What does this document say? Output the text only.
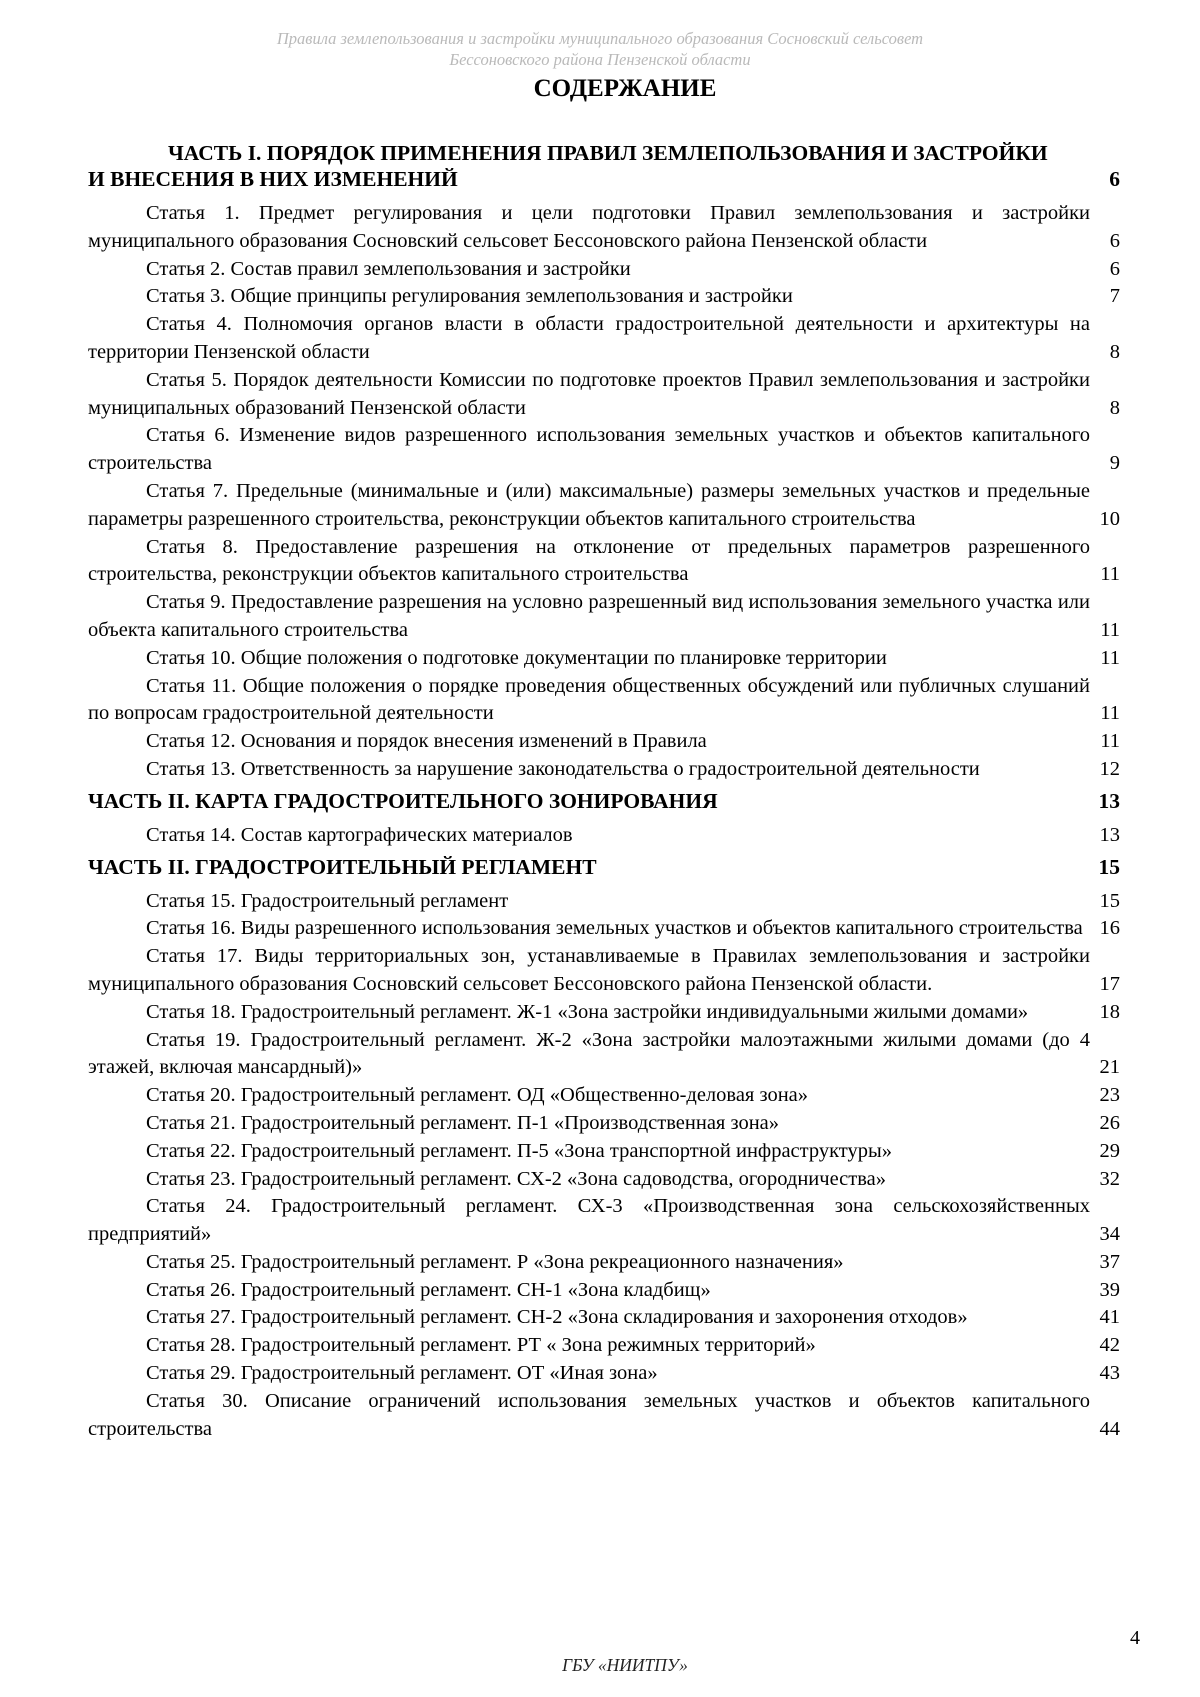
Правила землепользования и застройки муниципального образования Сосновский сельсовет
Бессоновского района Пензенской области
СОДЕРЖАНИЕ
ЧАСТЬ I. ПОРЯДОК ПРИМЕНЕНИЯ ПРАВИЛ ЗЕМЛЕПОЛЬЗОВАНИЯ И ЗАСТРОЙКИ И ВНЕСЕНИЯ В НИХ ИЗМЕНЕНИЙ	6
Статья 1. Предмет регулирования и цели подготовки Правил землепользования и застройки муниципального образования Сосновский сельсовет Бессоновского района Пензенской области	6
Статья 2. Состав правил землепользования и застройки	6
Статья 3. Общие принципы регулирования землепользования и застройки	7
Статья 4. Полномочия органов власти в области градостроительной деятельности и архитектуры на территории Пензенской области	8
Статья 5. Порядок деятельности Комиссии по подготовке проектов Правил землепользования и застройки муниципальных образований Пензенской области	8
Статья 6. Изменение видов разрешенного использования земельных участков и объектов капитального строительства	9
Статья 7. Предельные (минимальные и (или) максимальные) размеры земельных участков и предельные параметры разрешенного строительства, реконструкции объектов капитального строительства	10
Статья 8. Предоставление разрешения на отклонение от предельных параметров разрешенного строительства, реконструкции объектов капитального строительства	11
Статья 9. Предоставление разрешения на условно разрешенный вид использования земельного участка или объекта капитального строительства	11
Статья 10. Общие положения о подготовке документации по планировке территории	11
Статья 11. Общие положения о порядке проведения общественных обсуждений или публичных слушаний по вопросам градостроительной деятельности	11
Статья 12. Основания и порядок внесения изменений в Правила	11
Статья 13. Ответственность за нарушение законодательства о градостроительной деятельности	12
ЧАСТЬ II. КАРТА ГРАДОСТРОИТЕЛЬНОГО ЗОНИРОВАНИЯ	13
Статья 14. Состав картографических материалов	13
ЧАСТЬ II. ГРАДОСТРОИТЕЛЬНЫЙ РЕГЛАМЕНТ	15
Статья 15. Градостроительный регламент	15
Статья 16. Виды разрешенного использования земельных участков и объектов капитального строительства 16
Статья 17. Виды территориальных зон, устанавливаемые в Правилах землепользования и застройки муниципального образования Сосновский сельсовет Бессоновского района Пензенской области.	17
Статья 18. Градостроительный регламент. Ж-1 «Зона застройки индивидуальными жилыми домами»	18
Статья 19. Градостроительный регламент. Ж-2 «Зона застройки малоэтажными жилыми домами (до 4 этажей, включая мансардный)»	21
Статья 20. Градостроительный регламент. ОД «Общественно-деловая зона»	23
Статья 21. Градостроительный регламент. П-1 «Производственная зона»	26
Статья 22. Градостроительный регламент. П-5 «Зона транспортной инфраструктуры»	29
Статья 23. Градостроительный регламент. СХ-2 «Зона садоводства, огородничества»	32
Статья 24. Градостроительный регламент. СХ-3 «Производственная зона сельскохозяйственных предприятий»	34
Статья 25. Градостроительный регламент. Р «Зона рекреационного назначения»	37
Статья 26. Градостроительный регламент. СН-1 «Зона кладбищ»	39
Статья 27. Градостроительный регламент. СН-2 «Зона складирования и захоронения отходов»	41
Статья 28. Градостроительный регламент. РТ « Зона режимных территорий»	42
Статья 29. Градостроительный регламент. ОТ «Иная зона»	43
Статья 30. Описание ограничений использования земельных участков и объектов капитального строительства	44
4
ГБУ «НИИТПУ»
